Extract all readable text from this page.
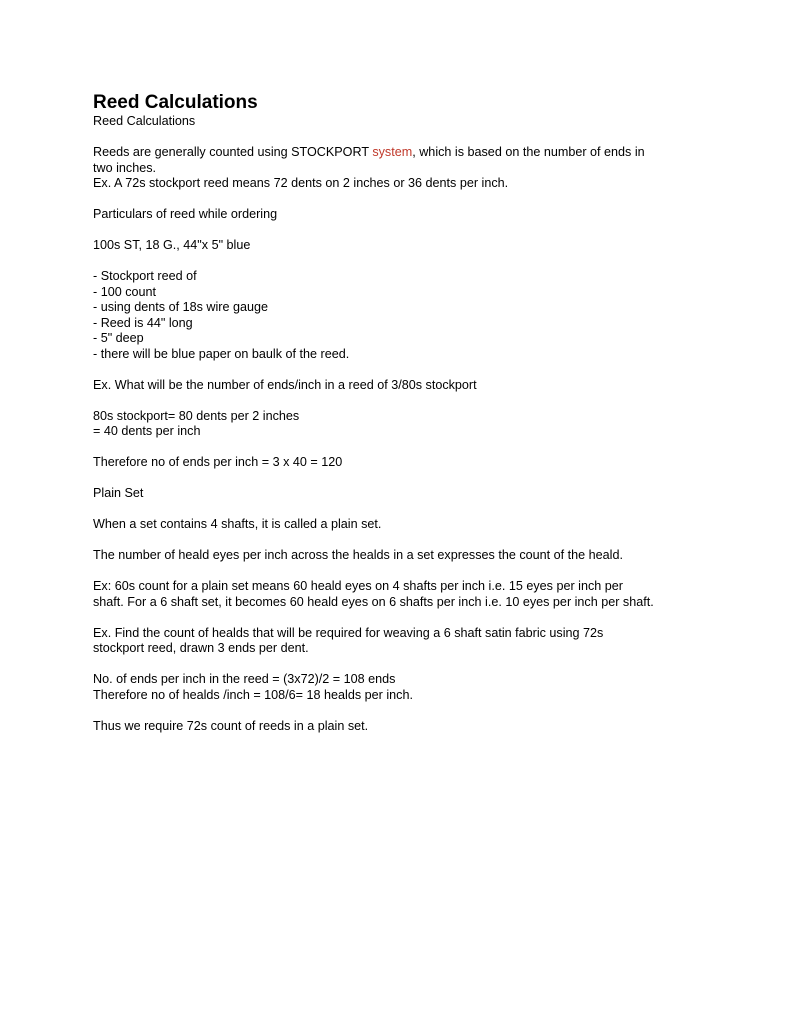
Reed Calculations

Reed Calculations

Reeds are generally counted using STOCKPORT system, which is based on the number of ends in

two inches.

Ex. A 72s stockport reed means 72 dents on 2 inches or 36 dents per inch.

Particulars of reed while ordering

100s ST, 18 G., 44"x 5" blue

- Stockport reed of

- 100 count

- using dents of 18s wire gauge

- Reed is 44" long

- 5" deep

- there will be blue paper on baulk of the reed.

Ex. What will be the number of ends/inch in a reed of 3/80s stockport

80s stockport= 80 dents per 2 inches

= 40 dents per inch

Therefore no of ends per inch = 3 x 40 = 120

Plain Set

When a set contains 4 shafts, it is called a plain set.

The number of heald eyes per inch across the healds in a set expresses the count of the heald.

Ex: 60s count for a plain set means 60 heald eyes on 4 shafts per inch i.e. 15 eyes per inch per

shaft. For a 6 shaft set, it becomes 60 heald eyes on 6 shafts per inch i.e. 10 eyes per inch per shaft.

Ex. Find the count of healds that will be required for weaving a 6 shaft satin fabric using 72s

stockport reed, drawn 3 ends per dent.

No. of ends per inch in the reed = (3x72)/2 = 108 ends

Therefore no of healds /inch = 108/6= 18 healds per inch.

Thus we require 72s count of reeds in a plain set.
